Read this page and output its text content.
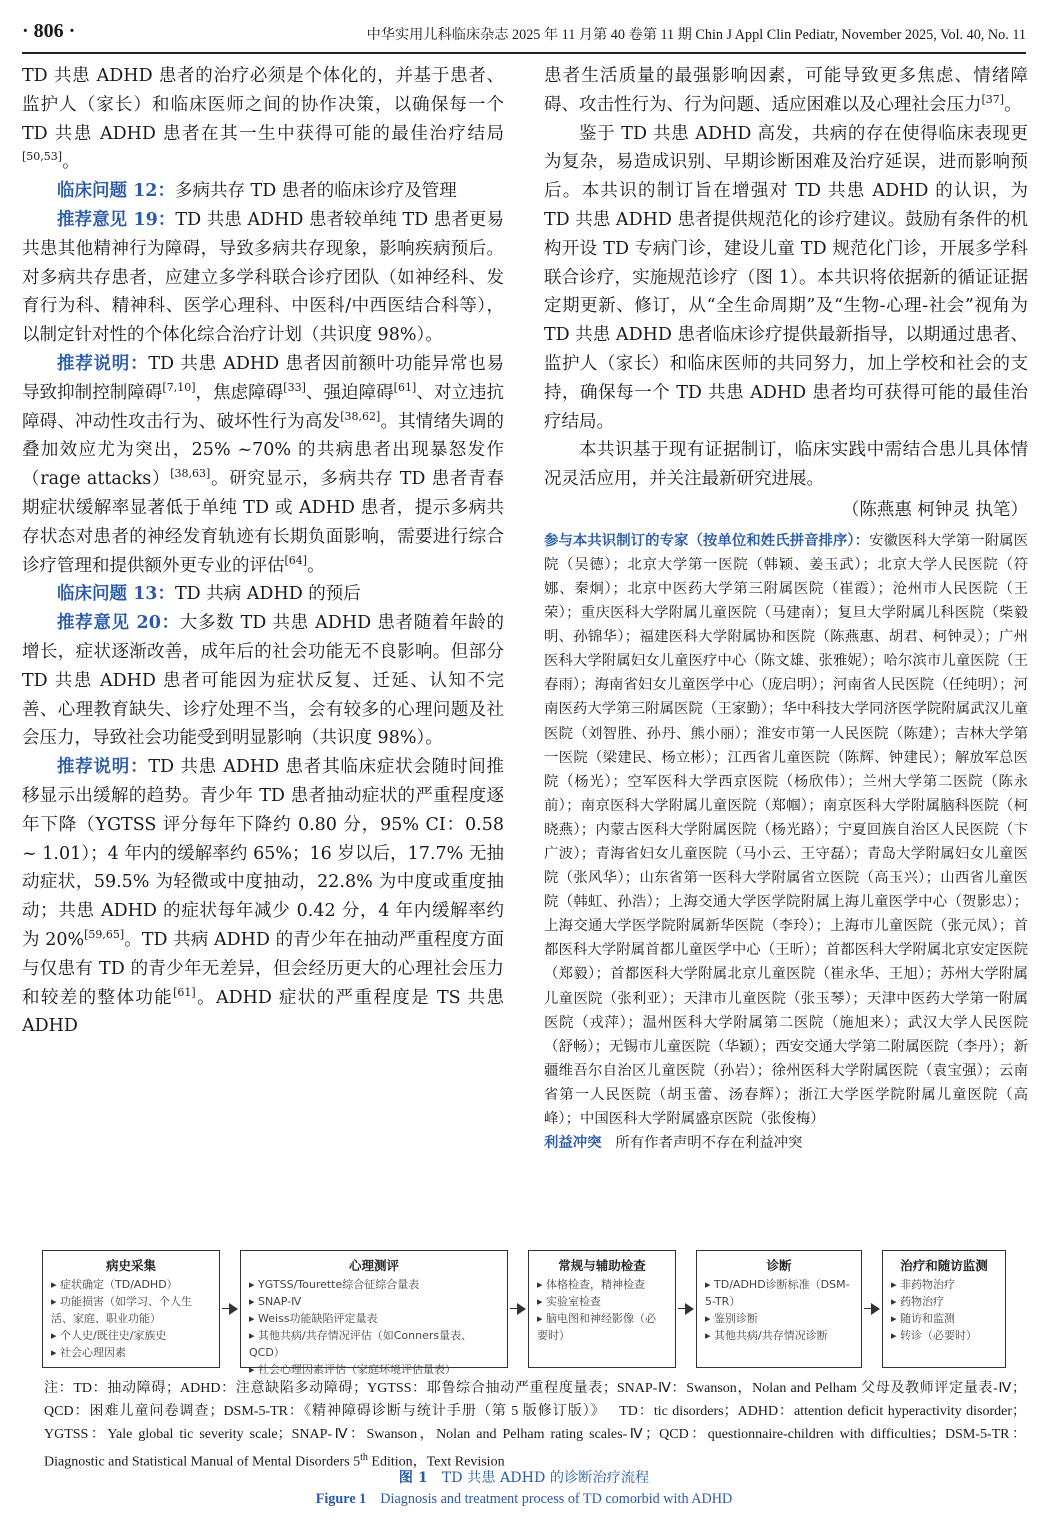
· 806 ·	中华实用儿科临床杂志 2025 年 11 月第 40 卷第 11 期 Chin J Appl Clin Pediatr, November 2025, Vol. 40, No. 11

TD 共患 ADHD 患者的治疗必须是个体化的，并基于患者、监护人（家长）和临床医师之间的协作决策，以确保每一个 TD 共患 ADHD 患者在其一生中获得可能的最佳治疗结局[50,53]。

临床问题 12：多病共存 TD 患者的临床诊疗及管理

推荐意见 19：TD 共患 ADHD 患者较单纯 TD 患者更易共患其他精神行为障碍，导致多病共存现象，影响疾病预后。对多病共存患者，应建立多学科联合诊疗团队（如神经科、发育行为科、精神科、医学心理科、中医科/中西医结合科等），以制定针对性的个体化综合治疗计划（共识度 98%）。

推荐说明：TD 共患 ADHD 患者因前额叶功能异常也易导致抑制控制障碍[7,10]，焦虑障碍[33]、强迫障碍[61]、对立违抗障碍、冲动性攻击行为、破坏性行为高发[38,62]。其情绪失调的叠加效应尤为突出，25% ~70% 的共病患者出现暴怒发作（rage attacks）[38,63]。研究显示，多病共存 TD 患者青春期症状缓解率显著低于单纯 TD 或 ADHD 患者，提示多病共存状态对患者的神经发育轨迹有长期负面影响，需要进行综合诊疗管理和提供额外更专业的评估[64]。

临床问题 13：TD 共病 ADHD 的预后

推荐意见 20：大多数 TD 共患 ADHD 患者随着年龄的增长，症状逐渐改善，成年后的社会功能无不良影响。但部分 TD 共患 ADHD 患者可能因为症状反复、迁延、认知不完善、心理教育缺失、诊疗处理不当，会有较多的心理问题及社会压力，导致社会功能受到明显影响（共识度 98%）。

推荐说明：TD 共患 ADHD 患者其临床症状会随时间推移显示出缓解的趋势。青少年 TD 患者抽动症状的严重程度逐年下降（YGTSS 评分每年下降约 0.80 分，95% CI：0.58 ~ 1.01）；4 年内的缓解率约 65%；16 岁以后，17.7% 无抽动症状，59.5% 为轻微或中度抽动，22.8% 为中度或重度抽动；共患 ADHD 的症状每年减少 0.42 分，4 年内缓解率约为 20%[59,65]。TD 共病 ADHD 的青少年在抽动严重程度方面与仅患有 TD 的青少年无差异，但会经历更大的心理社会压力和较差的整体功能[61]。ADHD 症状的严重程度是 TS 共患 ADHD

患者生活质量的最强影响因素，可能导致更多焦虑、情绪障碍、攻击性行为、行为问题、适应困难以及心理社会压力[37]。

鉴于 TD 共患 ADHD 高发，共病的存在使得临床表现更为复杂，易造成识别、早期诊断困难及治疗延误，进而影响预后。本共识的制订旨在增强对 TD 共患 ADHD 的认识，为 TD 共患 ADHD 患者提供规范化的诊疗建议。鼓励有条件的机构开设 TD 专病门诊，建设儿童 TD 规范化门诊，开展多学科联合诊疗，实施规范诊疗（图 1）。本共识将依据新的循证证据定期更新、修订，从“全生命周期”及“生物-心理-社会”视角为 TD 共患 ADHD 患者临床诊疗提供最新指导，以期通过患者、监护人（家长）和临床医师的共同努力，加上学校和社会的支持，确保每一个 TD 共患 ADHD 患者均可获得可能的最佳治疗结局。

本共识基于现有证据制订，临床实践中需结合患儿具体情况灵活应用，并关注最新研究进展。

（陈燕惠 柯钟灵 执笔）

参与本共识制订的专家（按单位和姓氏拼音排序）：安徽医科大学第一附属医院（吴德）；北京大学第一医院（韩颖、姜玉武）；北京大学人民医院（符娜、秦炯）；北京中医药大学第三附属医院（崔霞）；沧州市人民医院（王荣）；重庆医科大学附属儿童医院（马建南）；复旦大学附属儿科医院（柴毅明、孙锦华）；福建医科大学附属协和医院（陈燕惠、胡君、柯钟灵）；广州医科大学附属妇女儿童医疗中心（陈文雄、张雅妮）；哈尔滨市儿童医院（王春雨）；海南省妇女儿童医学中心（庞启明）；河南省人民医院（任纯明）；河南医药大学第三附属医院（王家勤）；华中科技大学同济医学院附属武汉儿童医院（刘智胜、孙丹、熊小丽）；淮安市第一人民医院（陈建）；吉林大学第一医院（梁建民、杨立彬）；江西省儿童医院（陈辉、钟建民）；解放军总医院（杨光）；空军医科大学西京医院（杨欣伟）；兰州大学第二医院（陈永前）；南京医科大学附属儿童医院（郑帼）；南京医科大学附属脑科医院（柯晓燕）；内蒙古医科大学附属医院（杨光路）；宁夏回族自治区人民医院（卞广波）；青海省妇女儿童医院（马小云、王守磊）；青岛大学附属妇女儿童医院（张风华）；山东省第一医科大学附属省立医院（高玉兴）；山西省儿童医院（韩虹、孙浩）；上海交通大学医学院附属上海儿童医学中心（贺影忠）；上海交通大学医学院附属新华医院（李玲）；上海市儿童医院（张元凤）；首都医科大学附属首都儿童医学中心（王昕）；首都医科大学附属北京安定医院（郑毅）；首都医科大学附属北京儿童医院（崔永华、王旭）；苏州大学附属儿童医院（张利亚）；天津市儿童医院（张玉琴）；天津中医药大学第一附属医院（戎萍）；温州医科大学附属第二医院（施旭来）；武汉大学人民医院（舒畅）；无锡市儿童医院（华颖）；西安交通大学第二附属医院（李丹）；新疆维吾尔自治区儿童医院（孙岩）；徐州医科大学附属医院（袁宝强）；云南省第一人民医院（胡玉蕾、汤春辉）；浙江大学医学院附属儿童医院（高峰）；中国医科大学附属盛京医院（张俊梅）

利益冲突 所有作者声明不存在利益冲突

病史采集
▸ 症状确定（TD/ADHD）
▸ 功能损害（如学习、个人生活、家庭、职业功能）
▸ 个人史/既往史/家族史
▸ 社会心理因素
心理测评
▸ YGTSS/Tourette综合征综合量表
▸ SNAP-Ⅳ
▸ Weiss功能缺陷评定量表
▸ 其他共病/共存情况评估（如Conners量表、QCD）
▸ 社会心理因素评估（家庭环境评估量表）
常规与辅助检查
▸ 体格检查，精神检查
▸ 实验室检查
▸ 脑电图和神经影像（必要时）
诊断
▸ TD/ADHD诊断标准（DSM-5-TR）
▸ 鉴别诊断
▸ 其他共病/共存情况诊断
治疗和随访监测
▸ 非药物治疗
▸ 药物治疗
▸ 随访和监测
▸ 转诊（必要时）
注：TD：抽动障碍；ADHD：注意缺陷多动障碍；YGTSS：耶鲁综合抽动严重程度量表；SNAP-Ⅳ：Swanson，Nolan and Pelham 父母及教师评定量表-Ⅳ；QCD：困难儿童问卷调查；DSM-5-TR：《精神障碍诊断与统计手册（第 5 版修订版）》 TD：tic disorders；ADHD：attention deficit hyperactivity disorder；YGTSS：Yale global tic severity scale；SNAP-Ⅳ：Swanson，Nolan and Pelham rating scales-Ⅳ；QCD：questionnaire-children with difficulties；DSM-5-TR：Diagnostic and Statistical Manual of Mental Disorders 5th Edition，Text Revision
图 1 TD 共患 ADHD 的诊断治疗流程
Figure 1 Diagnosis and treatment process of TD comorbid with ADHD
